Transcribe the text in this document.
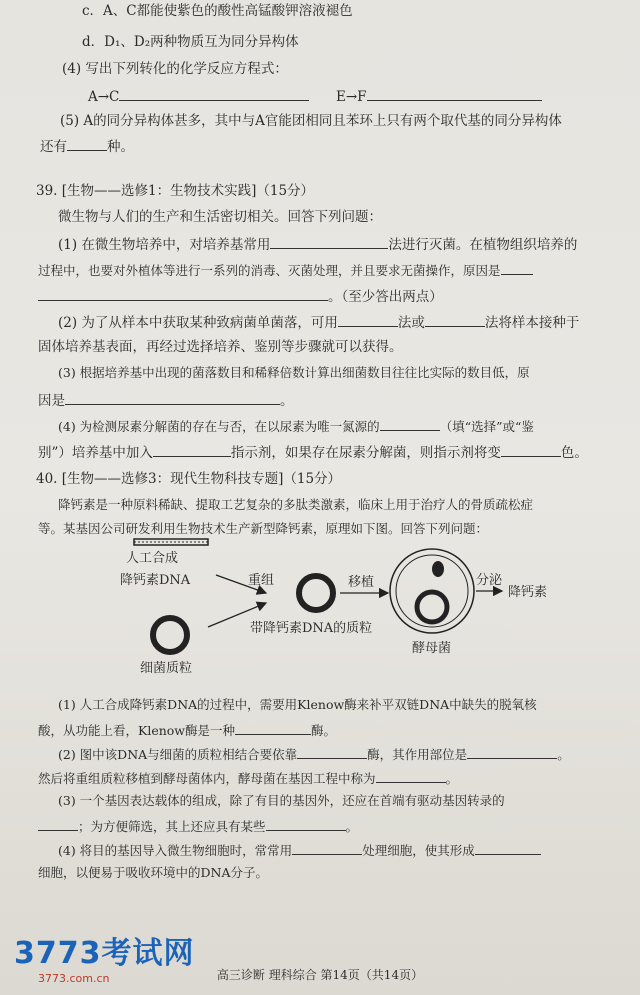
c．A、C都能使紫色的酸性高锰酸钾溶液褪色
d．D₁、D₂两种物质互为同分异构体
(4) 写出下列转化的化学反应方程式：
A→C	E→F
(5) A的同分异构体甚多，其中与A官能团相同且苯环上只有两个取代基的同分异构体
还有	种。
39. [生物——选修1：生物技术实践]（15分）
微生物与人们的生产和生活密切相关。回答下列问题：
(1) 在微生物培养中，对培养基常用	法进行灭菌。在植物组织培养的
过程中，也要对外植体等进行一系列的消毒、灭菌处理，并且要求无菌操作，原因是
。（至少答出两点）
(2) 为了从样本中获取某种致病菌单菌落，可用	法或	法将样本接种于
固体培养基表面，再经过选择培养、鉴别等步骤就可以获得。
(3) 根据培养基中出现的菌落数目和稀释倍数计算出细菌数目往往比实际的数目低，原
因是	。
(4) 为检测尿素分解菌的存在与否，在以尿素为唯一氮源的	（填“选择”或“鉴
别”）培养基中加入	指示剂，如果存在尿素分解菌，则指示剂将变	色。
40. [生物——选修3：现代生物科技专题]（15分）
降钙素是一种原料稀缺、提取工艺复杂的多肽类激素，临床上用于治疗人的骨质疏松症
等。某基因公司研发利用生物技术生产新型降钙素，原理如下图。回答下列问题：
人工合成
降钙素DNA
细菌质粒
重组
带降钙素DNA的质粒
移植
酵母菌
分泌
降钙素
(1) 人工合成降钙素DNA的过程中，需要用Klenow酶来补平双链DNA中缺失的脱氧核
酸，从功能上看，Klenow酶是一种	酶。
(2) 图中该DNA与细菌的质粒相结合要依靠	酶，其作用部位是	。
然后将重组质粒移植到酵母菌体内，酵母菌在基因工程中称为	。
(3) 一个基因表达载体的组成，除了有目的基因外，还应在首端有驱动基因转录的
；为方便筛选，其上还应具有某些	。
(4) 将目的基因导入微生物细胞时，常常用	处理细胞，使其形成
细胞，以便易于吸收环境中的DNA分子。
3773考试网
3773.com.cn	高三诊断 理科综合 第14页（共14页）
